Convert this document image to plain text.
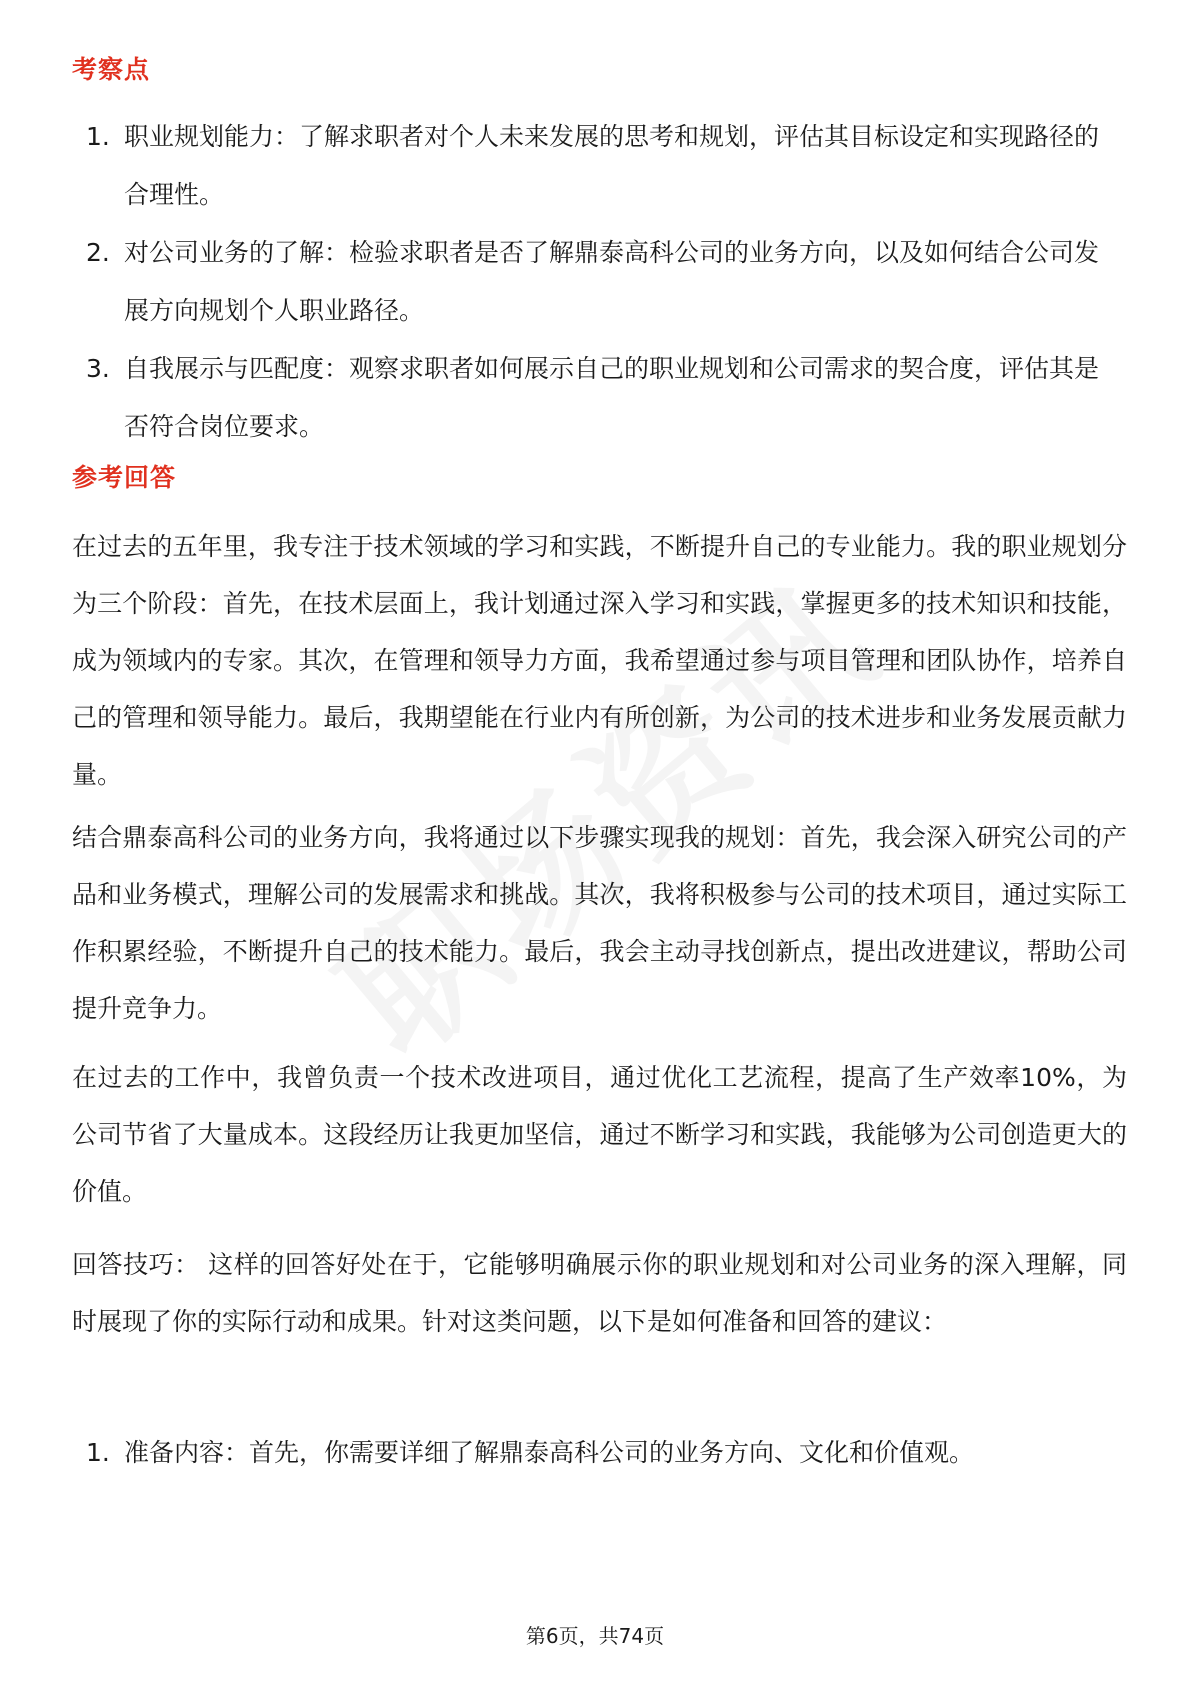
考察点
1. 职业规划能力：了解求职者对个人未来发展的思考和规划，评估其目标设定和实现路径的合理性。
2. 对公司业务的了解：检验求职者是否了解鼎泰高科公司的业务方向，以及如何结合公司发展方向规划个人职业路径。
3. 自我展示与匹配度：观察求职者如何展示自己的职业规划和公司需求的契合度，评估其是否符合岗位要求。
参考回答

在过去的五年里，我专注于技术领域的学习和实践，不断提升自己的专业能力。我的职业规划分为三个阶段：首先，在技术层面上，我计划通过深入学习和实践，掌握更多的技术知识和技能，成为领域内的专家。其次，在管理和领导力方面，我希望通过参与项目管理和团队协作，培养自己的管理和领导能力。最后，我期望能在行业内有所创新，为公司的技术进步和业务发展贡献力量。

结合鼎泰高科公司的业务方向，我将通过以下步骤实现我的规划：首先，我会深入研究公司的产品和业务模式，理解公司的发展需求和挑战。其次，我将积极参与公司的技术项目，通过实际工作积累经验，不断提升自己的技术能力。最后，我会主动寻找创新点，提出改进建议，帮助公司提升竞争力。

在过去的工作中，我曾负责一个技术改进项目，通过优化工艺流程，提高了生产效率10%，为公司节省了大量成本。这段经历让我更加坚信，通过不断学习和实践，我能够为公司创造更大的价值。

回答技巧： 这样的回答好处在于，它能够明确展示你的职业规划和对公司业务的深入理解，同时展现了你的实际行动和成果。针对这类问题，以下是如何准备和回答的建议：

1. 准备内容：首先，你需要详细了解鼎泰高科公司的业务方向、文化和价值观。
第6页，共74页
